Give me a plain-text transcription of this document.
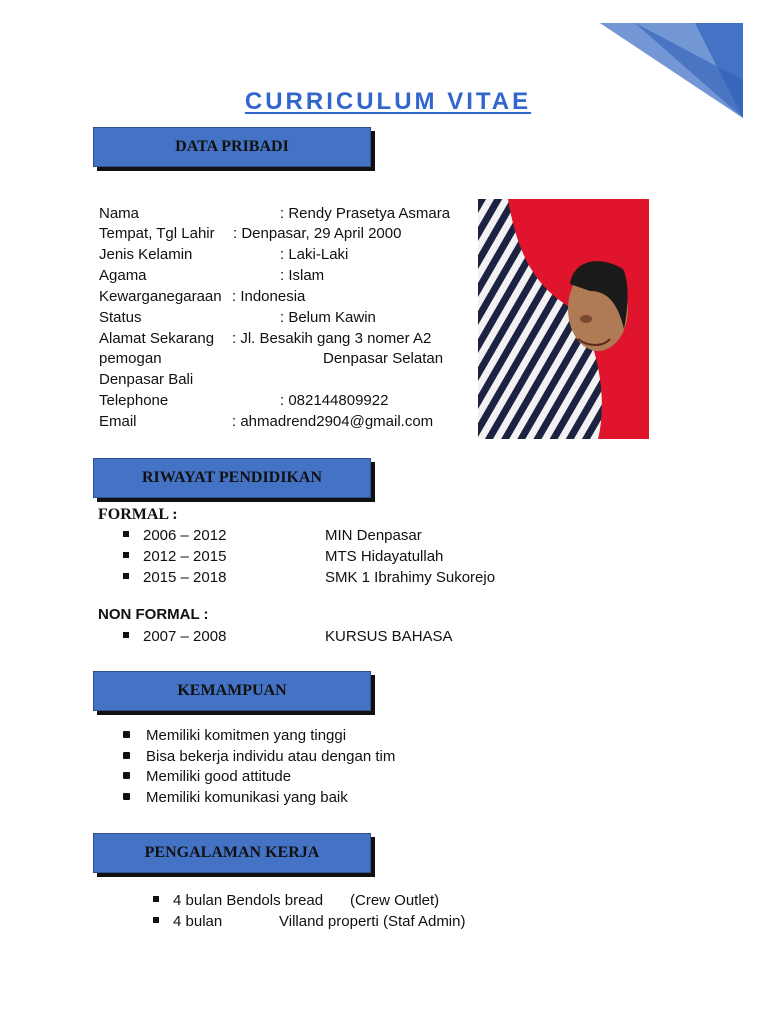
CURRICULUM VITAE
DATA PRIBADI
Nama	: Rendy Prasetya Asmara
Tempat, Tgl Lahir : Denpasar, 29 April 2000
Jenis Kelamin	: Laki-Laki
Agama	: Islam
Kewarganegaraan : Indonesia
Status	: Belum Kawin
Alamat Sekarang : Jl. Besakih gang 3 nomer A2
pemogan	Denpasar Selatan
Denpasar Bali
Telephone	: 082144809922
Email	: ahmadrend2904@gmail.com
RIWAYAT PENDIDIKAN
FORMAL :
2006 – 2012	MIN Denpasar
2012 – 2015	MTS Hidayatullah
2015 – 2018	SMK 1 Ibrahimy Sukorejo
NON FORMAL :
2007 – 2008	KURSUS BAHASA
KEMAMPUAN
Memiliki komitmen yang tinggi
Bisa bekerja individu atau dengan tim
Memiliki good attitude
Memiliki komunikasi yang baik
PENGALAMAN KERJA
4 bulan Bendols bread (Crew Outlet)
4 bulan	Villand properti (Staf Admin)
